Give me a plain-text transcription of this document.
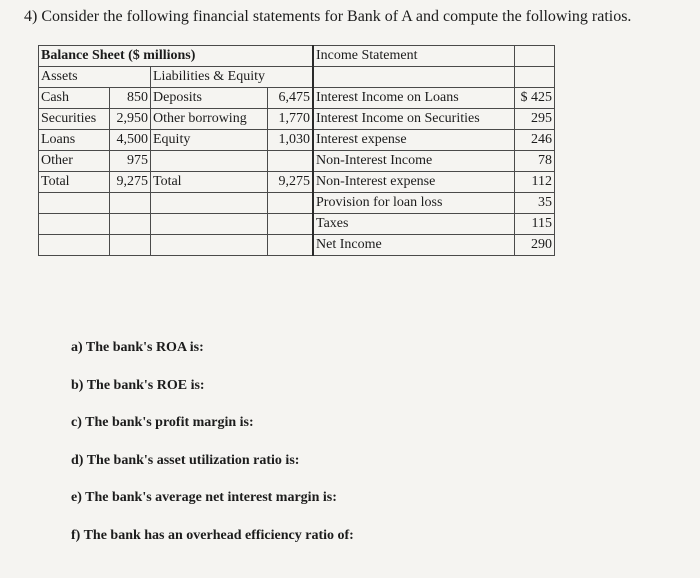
4) Consider the following financial statements for Bank of A and compute the following ratios.
Balance Sheet ($ millions)				Income Statement	
Assets		Liabilities & Equity			
Cash	850	Deposits	6,475	Interest Income on Loans	$ 425
Securities	2,950	Other borrowing	1,770	Interest Income on Securities	295
Loans	4,500	Equity	1,030	Interest expense	246
Other	975			Non-Interest Income	78
Total	9,275	Total	9,275	Non-Interest expense	112
				Provision for loan loss	35
				Taxes	115
				Net Income	290
a) The bank's ROA is:
b) The bank's ROE is:
c) The bank's profit margin is:
d) The bank's asset utilization ratio is:
e) The bank's average net interest margin is:
f) The bank has an overhead efficiency ratio of:
